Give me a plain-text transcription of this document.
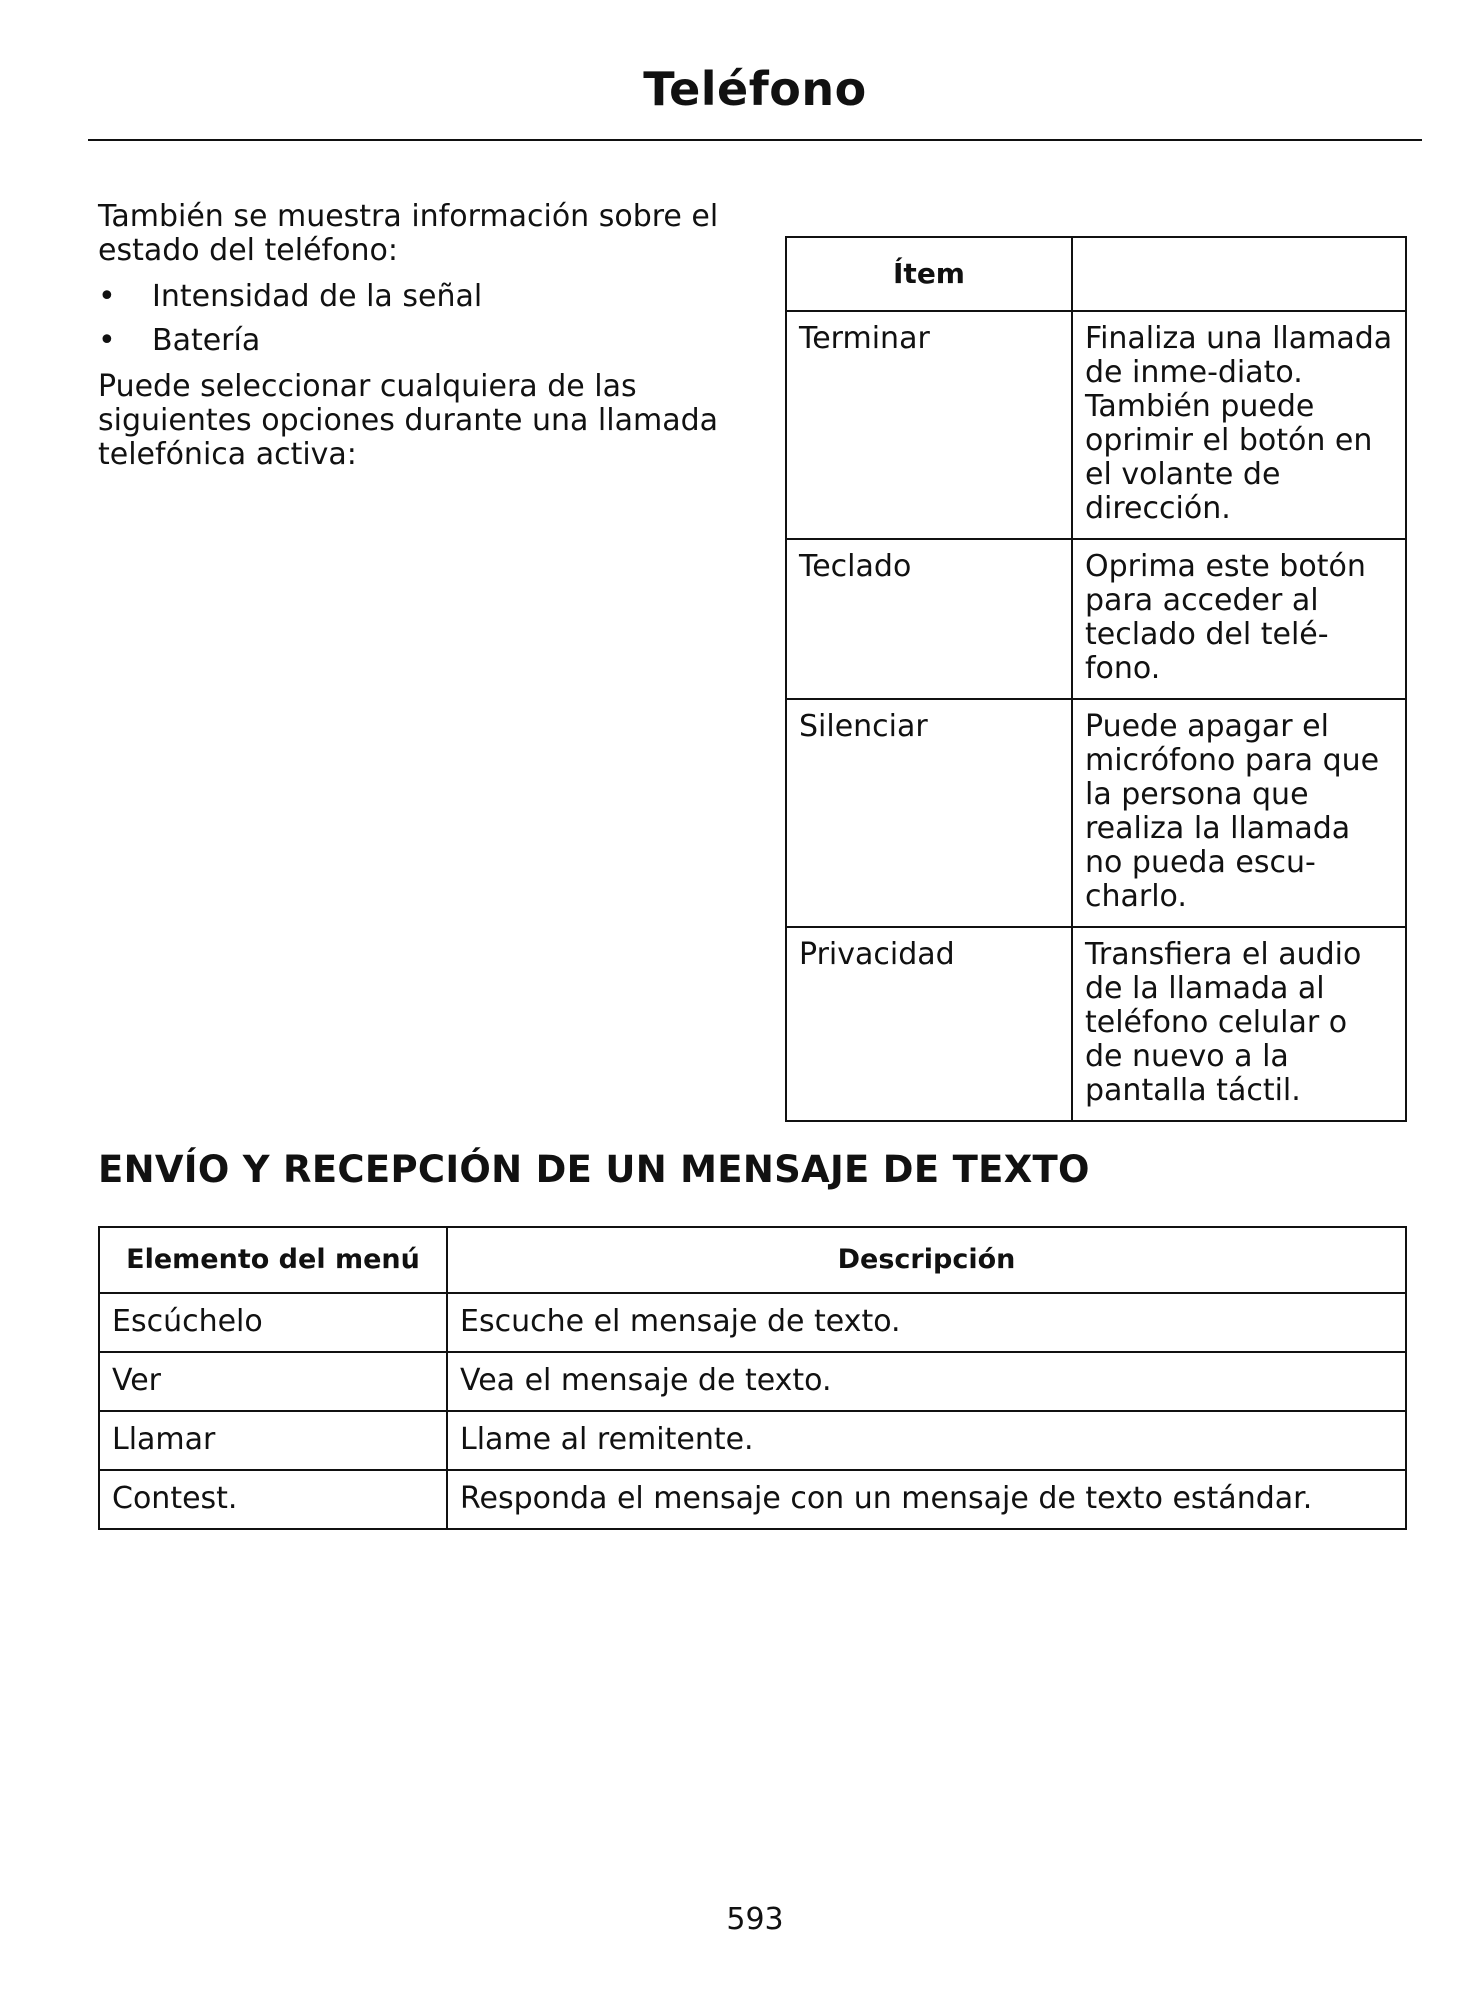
Teléfono

También se muestra información sobre el estado del teléfono:

• Intensidad de la señal
• Batería

Puede seleccionar cualquiera de las siguientes opciones durante una llamada telefónica activa:

Ítem	
Terminar	Finaliza una llamada de inme-diato. También puede oprimir el botón en el volante de dirección.
Teclado	Oprima este botón para acceder al teclado del telé-fono.
Silenciar	Puede apagar el micrófono para que la persona que realiza la llamada no pueda escu-charlo.
Privacidad	Transfiera el audio de la llamada al teléfono celular o de nuevo a la pantalla táctil.
ENVÍO Y RECEPCIÓN DE UN MENSAJE DE TEXTO
Elemento del menú	Descripción
Escúchelo	Escuche el mensaje de texto.
Ver	Vea el mensaje de texto.
Llamar	Llame al remitente.
Contest.	Responda el mensaje con un mensaje de texto estándar.
593
